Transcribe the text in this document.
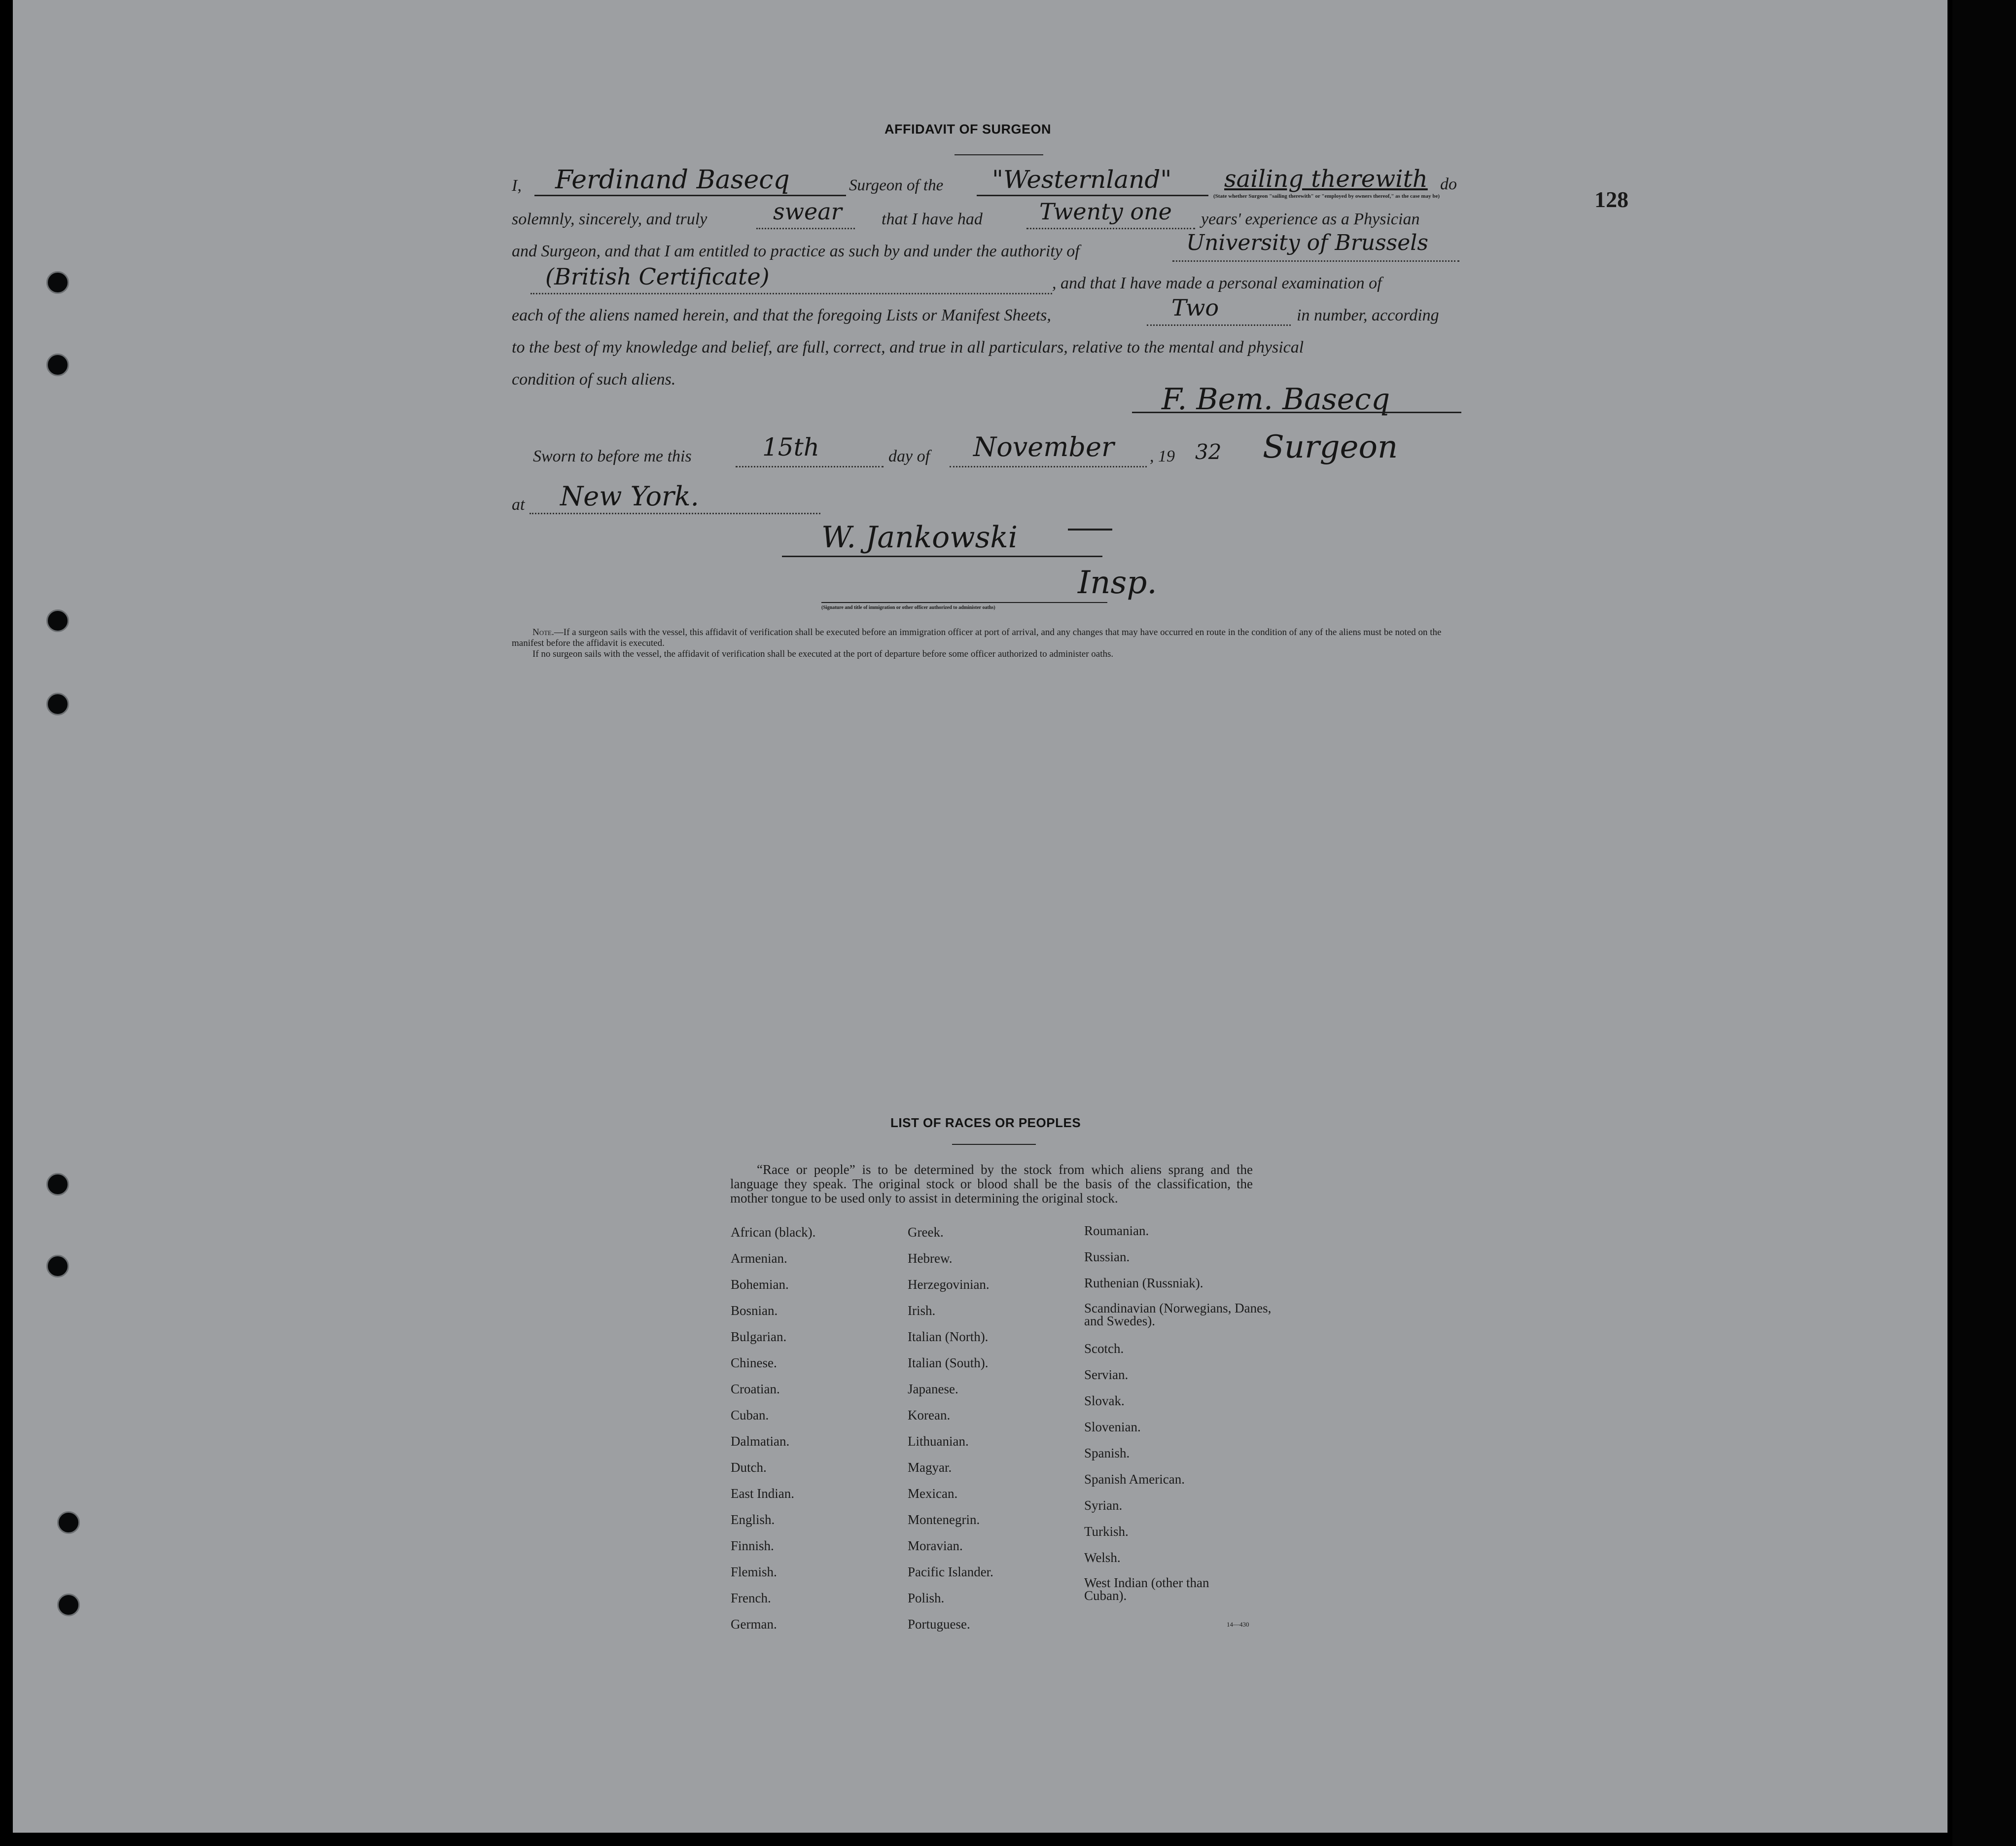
128
AFFIDAVIT OF SURGEON
I, Ferdinand Basecq	Surgeon of the "Westernland" sailing therewith do
(State whether Surgeon "sailing therewith" or "employed by owners thereof," as the case may be)
solemnly, sincerely, and truly	swear that I have had	Twenty one years' experience as a Physician
and Surgeon, and that I am entitled to practice as such by and under the authority of	University of Brussels
(British Certificate)	, and that I have made a personal examination of
each of the aliens named herein, and that the foregoing Lists or Manifest Sheets,	Two	in number, according
to the best of my knowledge and belief, are full, correct, and true in all particulars, relative to the mental and physical
condition of such aliens.
F. Bem. Basecq
Sworn to before me this	15th	day of November , 19 32 Surgeon
at New York.
W. Jankowski
Insp.
(Signature and title of immigration or other officer authorized to administer oaths)
Note.—If a surgeon sails with the vessel, this affidavit of verification shall be executed before an immigration officer at port of arrival, and any changes that may have occurred en route in the condition of any of the aliens must be noted on the manifest before the affidavit is executed.
If no surgeon sails with the vessel, the affidavit of verification shall be executed at the port of departure before some officer authorized to administer oaths.
LIST OF RACES OR PEOPLES
“Race or people” is to be determined by the stock from which aliens sprang and the language they speak. The original stock or blood shall be the basis of the classification, the mother tongue to be used only to assist in determining the original stock.
African (black).
Armenian.
Bohemian.
Bosnian.
Bulgarian.
Chinese.
Croatian.
Cuban.
Dalmatian.
Dutch.
East Indian.
English.
Finnish.
Flemish.
French.
German.
Greek.
Hebrew.
Herzegovinian.
Irish.
Italian (North).
Italian (South).
Japanese.
Korean.
Lithuanian.
Magyar.
Mexican.
Montenegrin.
Moravian.
Pacific Islander.
Polish.
Portuguese.
Roumanian.
Russian.
Ruthenian (Russniak).
Scandinavian (Norwegians, Danes, and Swedes).
Scotch.
Servian.
Slovak.
Slovenian.
Spanish.
Spanish American.
Syrian.
Turkish.
Welsh.
West Indian (other than Cuban).
14—430
